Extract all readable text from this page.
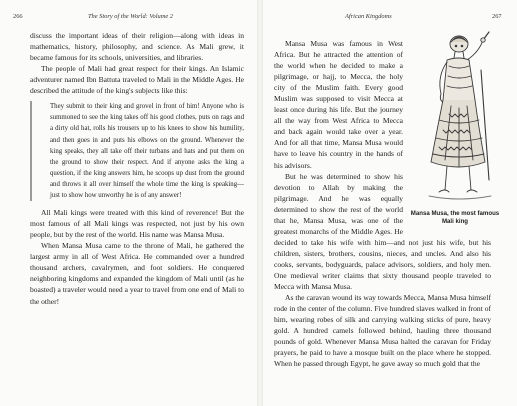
266	The Story of the World: Volume 2

discuss the important ideas of their religion—along with ideas in mathematics, history, philosophy, and science. As Mali grew, it became famous for its schools, universities, and libraries.

The people of Mali had great respect for their kings. An Islamic adventurer named Ibn Battuta traveled to Mali in the Middle Ages. He described the attitude of the king's subjects like this:

They submit to their king and grovel in front of him! Anyone who is summoned to see the king takes off his good clothes, puts on rags and a dirty old hat, rolls his trousers up to his knees to show his humility, and then goes in and puts his elbows on the ground. Whenever the king speaks, they all take off their turbans and hats and put them on the ground to show their respect. And if anyone asks the king a question, if the king answers him, he scoops up dust from the ground and throws it all over himself the whole time the king is speaking—just to show how unworthy he is of any answer!

All Mali kings were treated with this kind of reverence! But the most famous of all Mali kings was respected, not just by his own people, but by the rest of the world. His name was Mansa Musa.

When Mansa Musa came to the throne of Mali, he gathered the largest army in all of West Africa. He commanded over a hundred thousand archers, cavalrymen, and foot soldiers. He conquered neighboring kingdoms and expanded the kingdom of Mali until (as he boasted) a traveler would need a year to travel from one end of Mali to the other!

African Kingdoms	267
Mansa Musa, the most famous Mali king

Mansa Musa was famous in West Africa. But he attracted the attention of the world when he decided to make a pilgrimage, or hajj, to Mecca, the holy city of the Muslim faith. Every good Muslim was supposed to visit Mecca at least once during his life. But the journey all the way from West Africa to Mecca and back again would take over a year. And for all that time, Mansa Musa would have to leave his country in the hands of his advisors.

But he was determined to show his devotion to Allah by making the pilgrimage. And he was equally determined to show the rest of the world that he, Mansa Musa, was one of the greatest monarchs of the Middle Ages. He decided to take his wife with him—and not just his wife, but his children, sisters, brothers, cousins, nieces, and uncles. And also his cooks, servants, bodyguards, palace advisors, soldiers, and holy men. One medieval writer claims that sixty thousand people traveled to Mecca with Mansa Musa.

As the caravan wound its way towards Mecca, Mansa Musa himself rode in the center of the column. Five hundred slaves walked in front of him, wearing robes of silk and carrying walking sticks of pure, heavy gold. A hundred camels followed behind, hauling three thousand pounds of gold. Whenever Mansa Musa halted the caravan for Friday prayers, he paid to have a mosque built on the place where he stopped. When he passed through Egypt, he gave away so much gold that the
